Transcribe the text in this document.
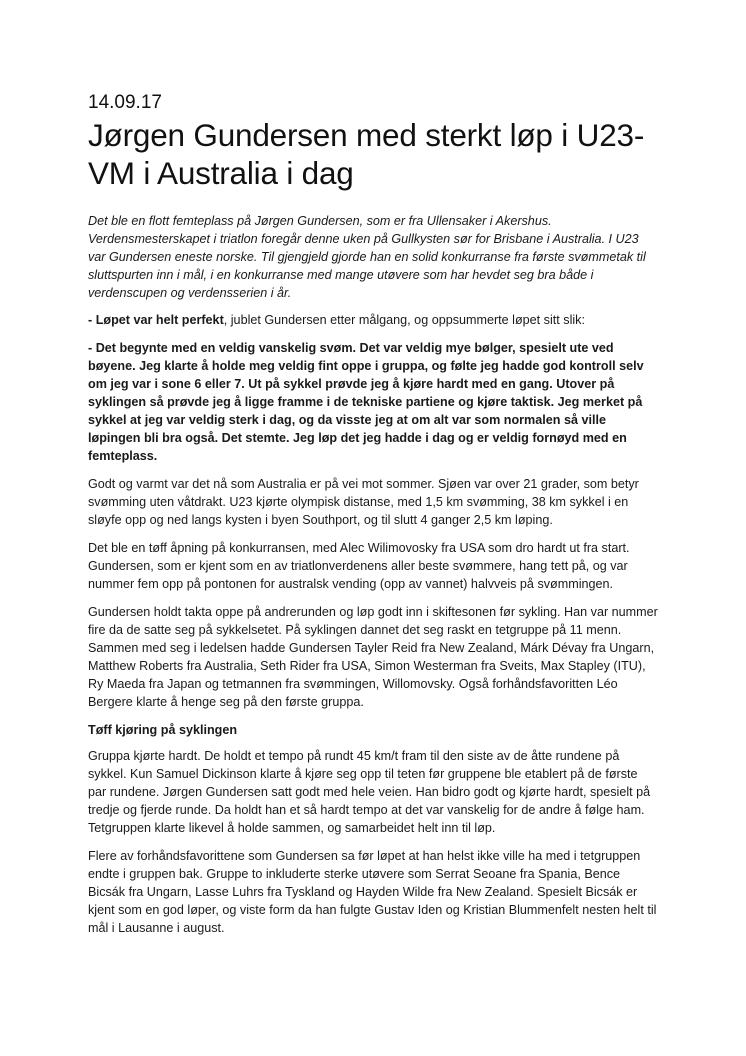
14.09.17
Jørgen Gundersen med sterkt løp i U23-VM i Australia i dag

Det ble en flott femteplass på Jørgen Gundersen, som er fra Ullensaker i Akershus. Verdensmesterskapet i triatlon foregår denne uken på Gullkysten sør for Brisbane i Australia. I U23 var Gundersen eneste norske. Til gjengjeld gjorde han en solid konkurranse fra første svømmetak til sluttspurten inn i mål, i en konkurranse med mange utøvere som har hevdet seg bra både i verdenscupen og verdensserien i år.

- Løpet var helt perfekt, jublet Gundersen etter målgang, og oppsummerte løpet sitt slik:

- Det begynte med en veldig vanskelig svøm. Det var veldig mye bølger, spesielt ute ved bøyene. Jeg klarte å holde meg veldig fint oppe i gruppa, og følte jeg hadde god kontroll selv om jeg var i sone 6 eller 7. Ut på sykkel prøvde jeg å kjøre hardt med en gang. Utover på syklingen så prøvde jeg å ligge framme i de tekniske partiene og kjøre taktisk. Jeg merket på sykkel at jeg var veldig sterk i dag, og da visste jeg at om alt var som normalen så ville løpingen bli bra også. Det stemte. Jeg løp det jeg hadde i dag og er veldig fornøyd med en femteplass.

Godt og varmt var det nå som Australia er på vei mot sommer. Sjøen var over 21 grader, som betyr svømming uten våtdrakt. U23 kjørte olympisk distanse, med 1,5 km svømming, 38 km sykkel i en sløyfe opp og ned langs kysten i byen Southport, og til slutt 4 ganger 2,5 km løping.

Det ble en tøff åpning på konkurransen, med Alec Wilimovosky fra USA som dro hardt ut fra start. Gundersen, som er kjent som en av triatlonverdenens aller beste svømmere, hang tett på, og var nummer fem opp på pontonen for australsk vending (opp av vannet) halvveis på svømmingen.

Gundersen holdt takta oppe på andrerunden og løp godt inn i skiftesonen før sykling. Han var nummer fire da de satte seg på sykkelsetet. På syklingen dannet det seg raskt en tetgruppe på 11 menn. Sammen med seg i ledelsen hadde Gundersen Tayler Reid fra New Zealand, Márk Dévay fra Ungarn, Matthew Roberts fra Australia, Seth Rider fra USA, Simon Westerman fra Sveits, Max Stapley (ITU), Ry Maeda fra Japan og tetmannen fra svømmingen, Willomovsky. Også forhåndsfavoritten Léo Bergere klarte å henge seg på den første gruppa.

Tøff kjøring på syklingen

Gruppa kjørte hardt. De holdt et tempo på rundt 45 km/t fram til den siste av de åtte rundene på sykkel. Kun Samuel Dickinson klarte å kjøre seg opp til teten før gruppene ble etablert på de første par rundene. Jørgen Gundersen satt godt med hele veien. Han bidro godt og kjørte hardt, spesielt på tredje og fjerde runde. Da holdt han et så hardt tempo at det var vanskelig for de andre å følge ham. Tetgruppen klarte likevel å holde sammen, og samarbeidet helt inn til løp.

Flere av forhåndsfavorittene som Gundersen sa før løpet at han helst ikke ville ha med i tetgruppen endte i gruppen bak. Gruppe to inkluderte sterke utøvere som Serrat Seoane fra Spania, Bence Bicsák fra Ungarn, Lasse Luhrs fra Tyskland og Hayden Wilde fra New Zealand. Spesielt Bicsák er kjent som en god løper, og viste form da han fulgte Gustav Iden og Kristian Blummenfelt nesten helt til mål i Lausanne i august.
